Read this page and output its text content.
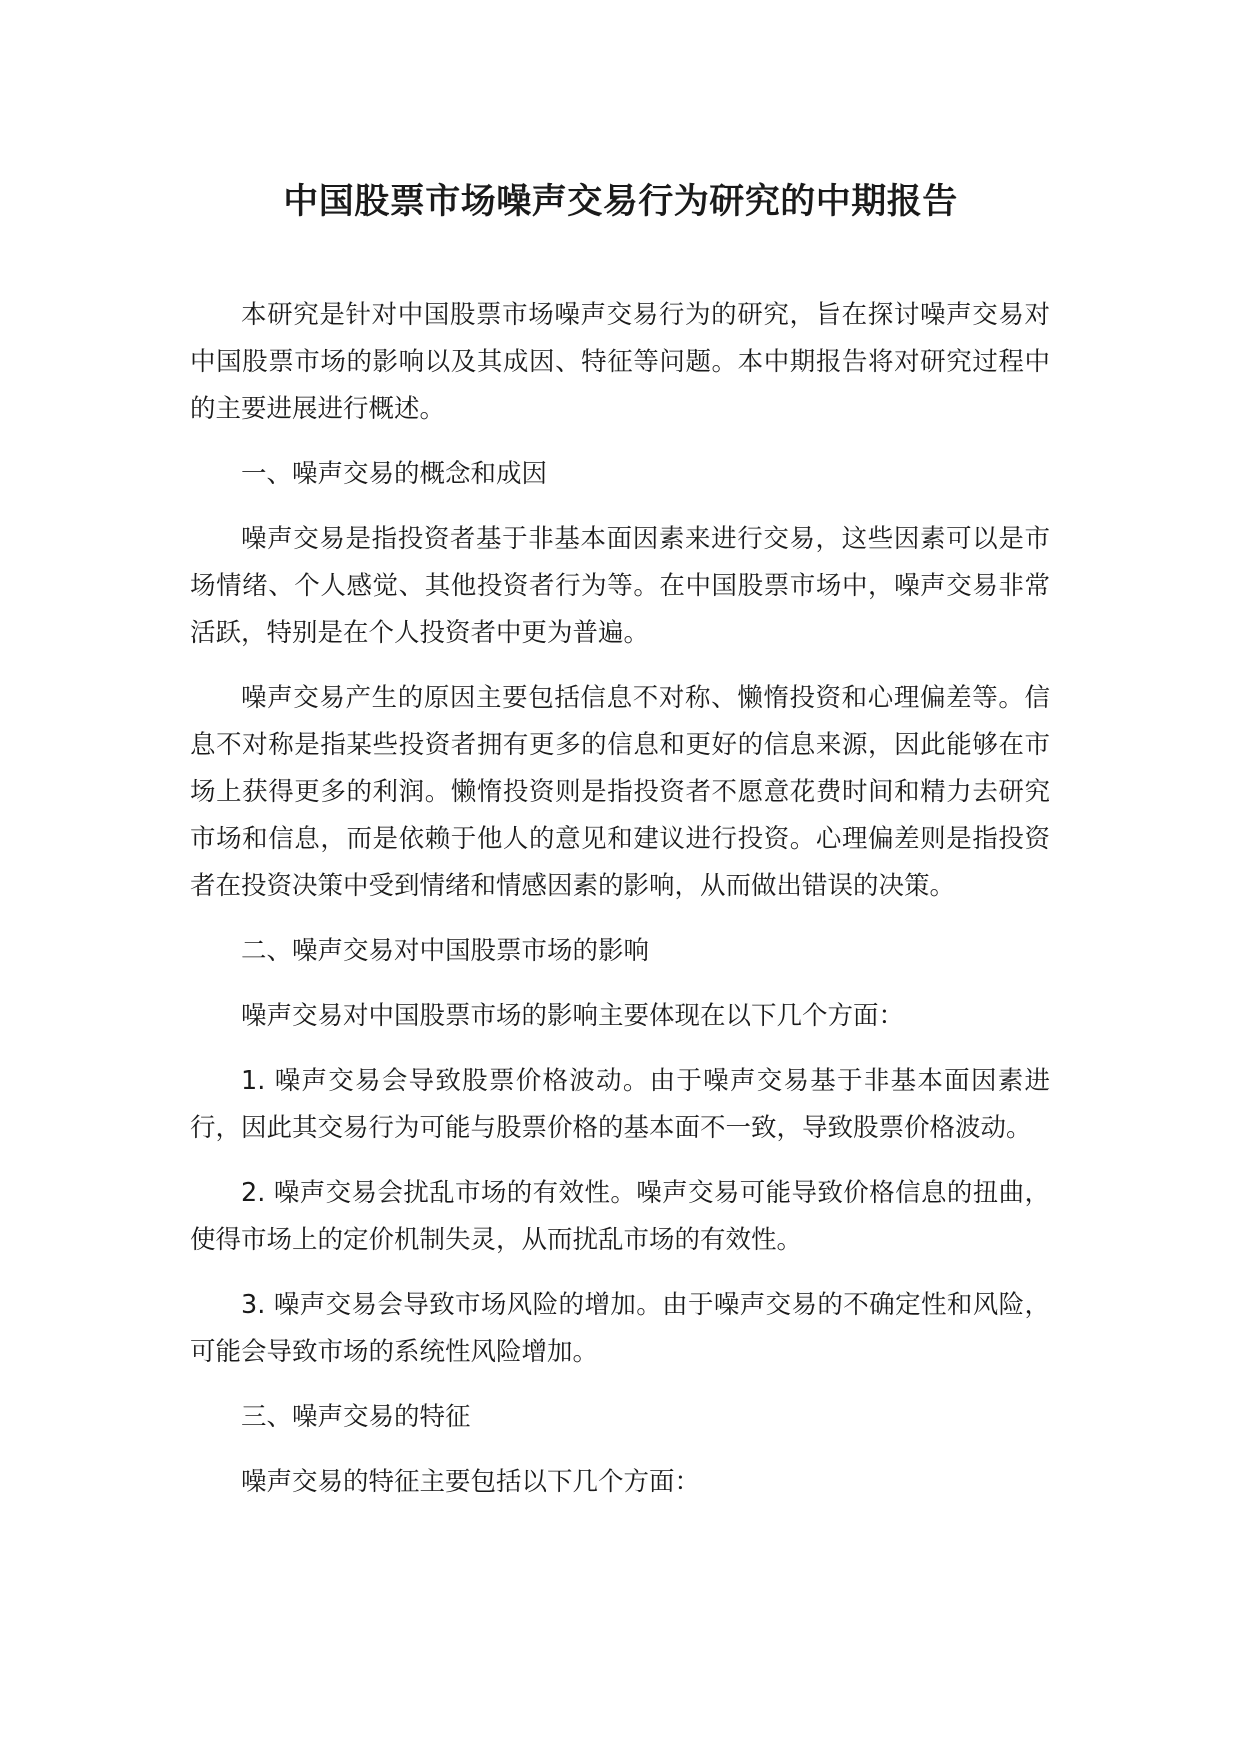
中国股票市场噪声交易行为研究的中期报告

本研究是针对中国股票市场噪声交易行为的研究，旨在探讨噪声交易对中国股票市场的影响以及其成因、特征等问题。本中期报告将对研究过程中的主要进展进行概述。

一、噪声交易的概念和成因

噪声交易是指投资者基于非基本面因素来进行交易，这些因素可以是市场情绪、个人感觉、其他投资者行为等。在中国股票市场中，噪声交易非常活跃，特别是在个人投资者中更为普遍。

噪声交易产生的原因主要包括信息不对称、懒惰投资和心理偏差等。信息不对称是指某些投资者拥有更多的信息和更好的信息来源，因此能够在市场上获得更多的利润。懒惰投资则是指投资者不愿意花费时间和精力去研究市场和信息，而是依赖于他人的意见和建议进行投资。心理偏差则是指投资者在投资决策中受到情绪和情感因素的影响，从而做出错误的决策。

二、噪声交易对中国股票市场的影响

噪声交易对中国股票市场的影响主要体现在以下几个方面：

1. 噪声交易会导致股票价格波动。由于噪声交易基于非基本面因素进行，因此其交易行为可能与股票价格的基本面不一致，导致股票价格波动。

2. 噪声交易会扰乱市场的有效性。噪声交易可能导致价格信息的扭曲，使得市场上的定价机制失灵，从而扰乱市场的有效性。

3. 噪声交易会导致市场风险的增加。由于噪声交易的不确定性和风险，可能会导致市场的系统性风险增加。

三、噪声交易的特征

噪声交易的特征主要包括以下几个方面：
